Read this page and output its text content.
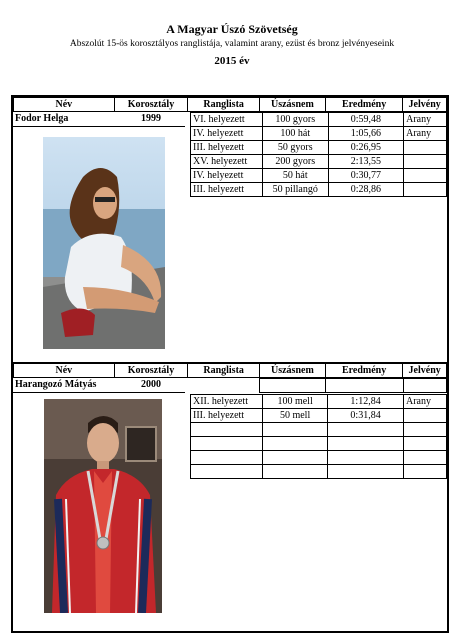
A Magyar Úszó Szövetség
Abszolút 15-ös korosztályos ranglistája, valamint arany, ezüst és bronz jelvényeseink
2015 év
Név	Korosztály	Ranglista	Úszásnem	Eredmény	Jelvény
Fodor Helga	1999	VI. helyezett	100 gyors	0:59,48	Arany
IV. helyezett	100 hát	1:05,66	Arany
III. helyezett	50 gyors	0:26,95	
XV. helyezett	200 gyors	2:13,55	
IV. helyezett	50 hát	0:30,77	
III. helyezett	50 pillangó	0:28,86	
Név	Korosztály	Ranglista	Úszásnem	Eredmény	Jelvény
Harangozó Mátyás	2000

XII. helyezett	100 mell	1:12,84	Arany
III. helyezett	50 mell	0:31,84	
